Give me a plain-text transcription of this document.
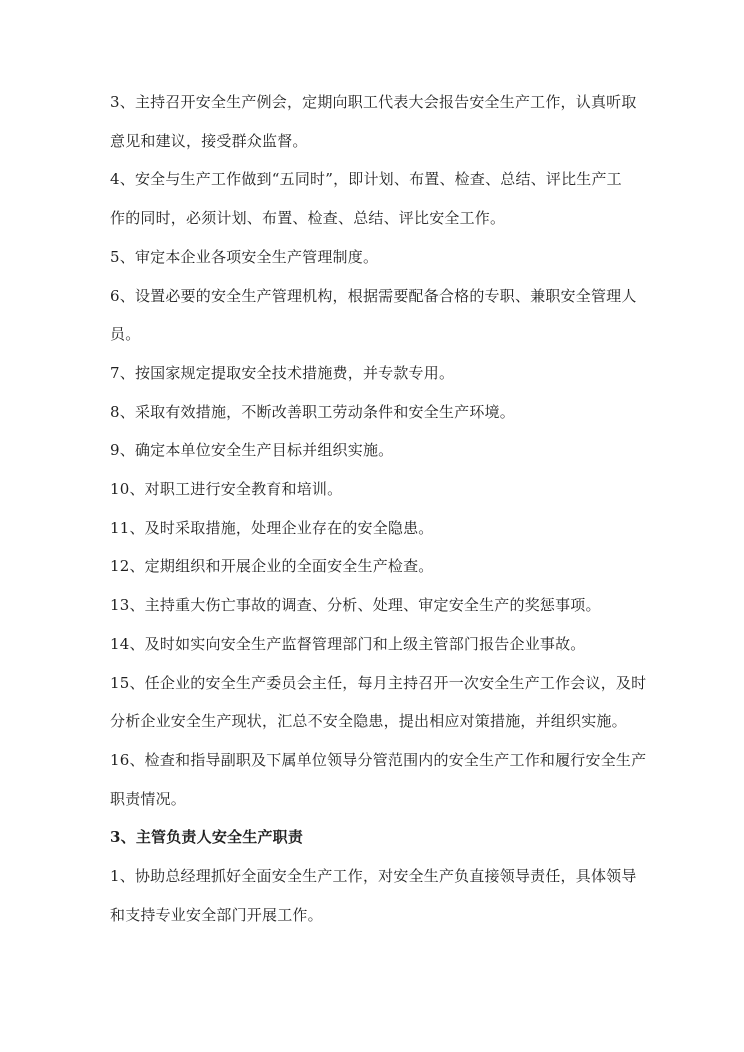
3、主持召开安全生产例会，定期向职工代表大会报告安全生产工作，认真听取
意见和建议，接受群众监督。
4、安全与生产工作做到“五同时”，即计划、布置、检查、总结、评比生产工
作的同时，必须计划、布置、检查、总结、评比安全工作。
5、审定本企业各项安全生产管理制度。
6、设置必要的安全生产管理机构，根据需要配备合格的专职、兼职安全管理人
员。
7、按国家规定提取安全技术措施费，并专款专用。
8、采取有效措施，不断改善职工劳动条件和安全生产环境。
9、确定本单位安全生产目标并组织实施。
10、对职工进行安全教育和培训。
11、及时采取措施，处理企业存在的安全隐患。
12、定期组织和开展企业的全面安全生产检查。
13、主持重大伤亡事故的调查、分析、处理、审定安全生产的奖惩事项。
14、及时如实向安全生产监督管理部门和上级主管部门报告企业事故。
15、任企业的安全生产委员会主任，每月主持召开一次安全生产工作会议，及时
分析企业安全生产现状，汇总不安全隐患，提出相应对策措施，并组织实施。
16、检查和指导副职及下属单位领导分管范围内的安全生产工作和履行安全生产
职责情况。
3、主管负责人安全生产职责
1、协助总经理抓好全面安全生产工作，对安全生产负直接领导责任，具体领导
和支持专业安全部门开展工作。
